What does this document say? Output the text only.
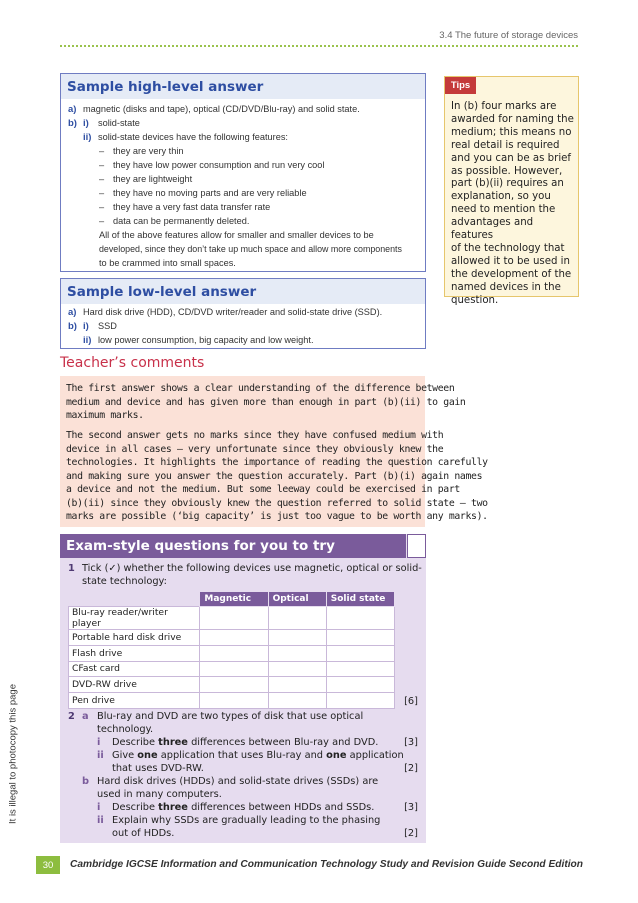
3.4 The future of storage devices
It is illegal to photocopy this page
Sample high-level answer
a) magnetic (disks and tape), optical (CD/DVD/Blu-ray) and solid state.
b) i) solid-state
ii) solid-state devices have the following features:
– they are very thin
– they have low power consumption and run very cool
– they are lightweight
– they have no moving parts and are very reliable
– they have a very fast data transfer rate
– data can be permanently deleted.
All of the above features allow for smaller and smaller devices to be
developed, since they don’t take up much space and allow more components
to be crammed into small spaces.
Sample low-level answer
a) Hard disk drive (HDD), CD/DVD writer/reader and solid-state drive (SSD).
b) i) SSD
ii) low power consumption, big capacity and low weight.
Tips
In (b) four marks are
awarded for naming the
medium; this means no
real detail is required
and you can be as brief
as possible. However,
part (b)(ii) requires an
explanation, so you
need to mention the
advantages and features
of the technology that
allowed it to be used in
the development of the
named devices in the
question.
Teacher’s comments
The first answer shows a clear understanding of the difference between
medium and device and has given more than enough in part (b)(ii) to gain
maximum marks.
The second answer gets no marks since they have confused medium with
device in all cases – very unfortunate since they obviously knew the
technologies. It highlights the importance of reading the question carefully
and making sure you answer the question accurately. Part (b)(i) again names
a device and not the medium. But some leeway could be exercised in part
(b)(ii) since they obviously knew the question referred to solid state – two
marks are possible (‘big capacity’ is just too vague to be worth any marks).
Exam-style questions for you to try
1 Tick (✓) whether the following devices use magnetic, optical or solid-
state technology:
	Magnetic	Optical	Solid state
Blu-ray reader/writer player			
Portable hard disk drive			
Flash drive			
CFast card			
DVD-RW drive			
Pen drive				[6]
2 a Blu-ray and DVD are two types of disk that use optical
technology.
i Describe three differences between Blu-ray and DVD.	[3]
ii Give one application that uses Blu-ray and one application
that uses DVD-RW.	[2]
b Hard disk drives (HDDs) and solid-state drives (SSDs) are
used in many computers.
i Describe three differences between HDDs and SSDs.	[3]
ii Explain why SSDs are gradually leading to the phasing
out of HDDs.	[2]
30	Cambridge IGCSE Information and Communication Technology Study and Revision Guide Second Edition
